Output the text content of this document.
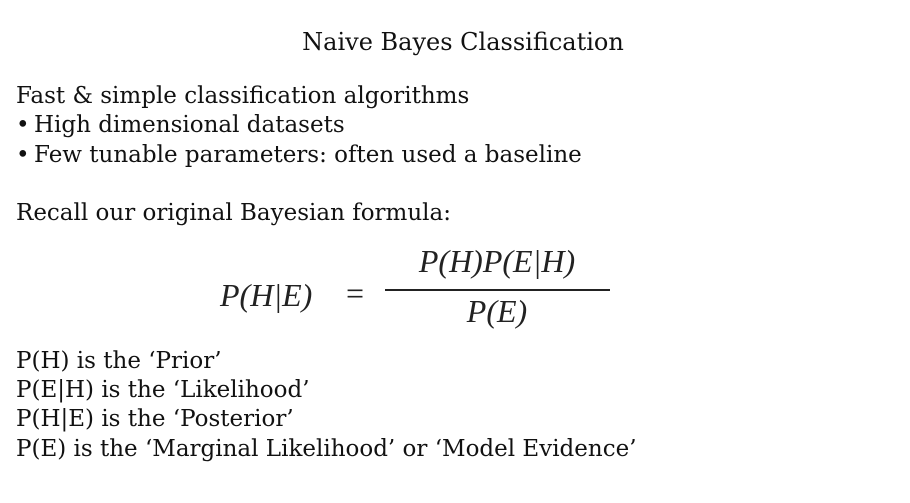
Naive Bayes Classification
Fast & simple classification algorithms
• High dimensional datasets
• Few tunable parameters: often used a baseline
Recall our original Bayesian formula:
P(H|E) =
P(H)P(E|H)
P(E)
P(H) is the ‘Prior’
P(E|H) is the ‘Likelihood’
P(H|E) is the ‘Posterior’
P(E) is the ‘Marginal Likelihood’ or ‘Model Evidence’
